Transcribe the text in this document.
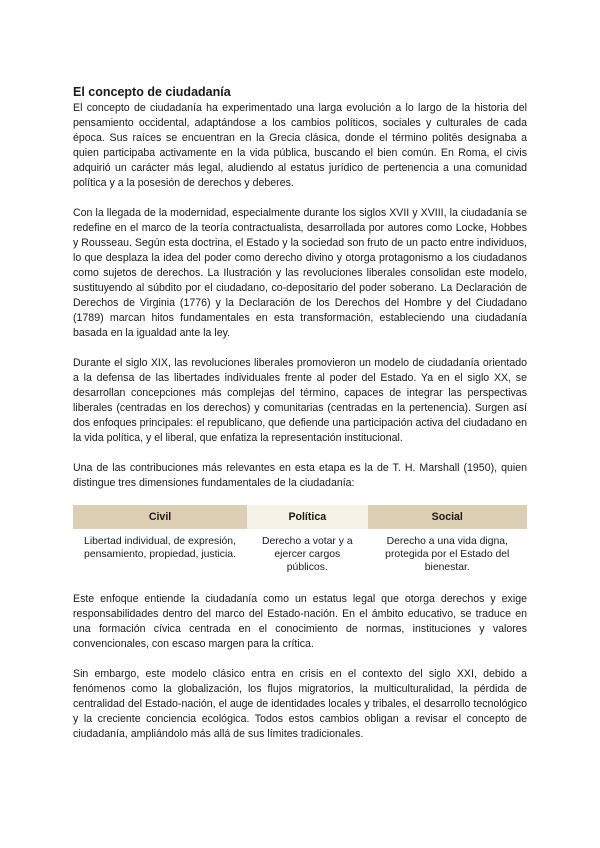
El concepto de ciudadanía

El concepto de ciudadanía ha experimentado una larga evolución a lo largo de la historia del pensamiento occidental, adaptándose a los cambios políticos, sociales y culturales de cada época. Sus raíces se encuentran en la Grecia clásica, donde el término politēs designaba a quien participaba activamente en la vida pública, buscando el bien común. En Roma, el civis adquirió un carácter más legal, aludiendo al estatus jurídico de pertenencia a una comunidad política y a la posesión de derechos y deberes.

Con la llegada de la modernidad, especialmente durante los siglos XVII y XVIII, la ciudadanía se redefine en el marco de la teoría contractualista, desarrollada por autores como Locke, Hobbes y Rousseau. Según esta doctrina, el Estado y la sociedad son fruto de un pacto entre individuos, lo que desplaza la idea del poder como derecho divino y otorga protagonismo a los ciudadanos como sujetos de derechos. La Ilustración y las revoluciones liberales consolidan este modelo, sustituyendo al súbdito por el ciudadano, co-depositario del poder soberano. La Declaración de Derechos de Virginia (1776) y la Declaración de los Derechos del Hombre y del Ciudadano (1789) marcan hitos fundamentales en esta transformación, estableciendo una ciudadanía basada en la igualdad ante la ley.

Durante el siglo XIX, las revoluciones liberales promovieron un modelo de ciudadanía orientado a la defensa de las libertades individuales frente al poder del Estado. Ya en el siglo XX, se desarrollan concepciones más complejas del término, capaces de integrar las perspectivas liberales (centradas en los derechos) y comunitarias (centradas en la pertenencia). Surgen así dos enfoques principales: el republicano, que defiende una participación activa del ciudadano en la vida política, y el liberal, que enfatiza la representación institucional.

Una de las contribuciones más relevantes en esta etapa es la de T. H. Marshall (1950), quien distingue tres dimensiones fundamentales de la ciudadanía:

Civil	Política	Social
Libertad individual, de expresión, pensamiento, propiedad, justicia.	Derecho a votar y a ejercer cargos públicos.	Derecho a una vida digna, protegida por el Estado del bienestar.

Este enfoque entiende la ciudadanía como un estatus legal que otorga derechos y exige responsabilidades dentro del marco del Estado-nación. En el ámbito educativo, se traduce en una formación cívica centrada en el conocimiento de normas, instituciones y valores convencionales, con escaso margen para la crítica.

Sin embargo, este modelo clásico entra en crisis en el contexto del siglo XXI, debido a fenómenos como la globalización, los flujos migratorios, la multiculturalidad, la pérdida de centralidad del Estado-nación, el auge de identidades locales y tribales, el desarrollo tecnológico y la creciente conciencia ecológica. Todos estos cambios obligan a revisar el concepto de ciudadanía, ampliándolo más allá de sus límites tradicionales.
